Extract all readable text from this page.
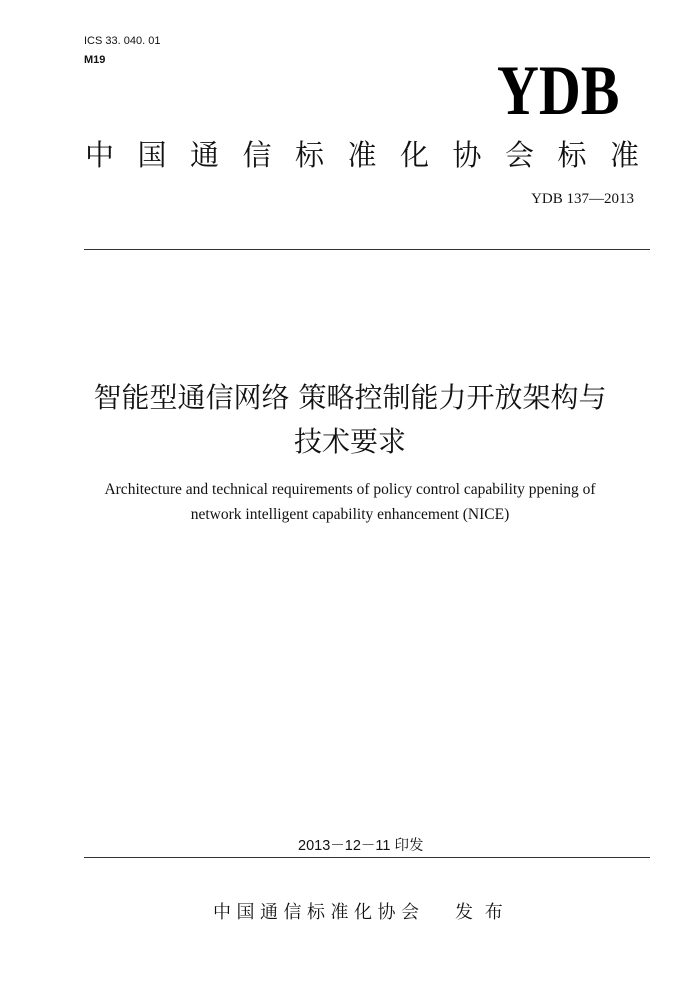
ICS 33. 040. 01
M19	YDB
中国通信标准化协会标准
YDB 137—2013
智能型通信网络 策略控制能力开放架构与
技术要求
Architecture and technical requirements of policy control capability ppening of
network intelligent capability enhancement (NICE)
2013－12－11 印发
中国通信标准化协会 发 布
